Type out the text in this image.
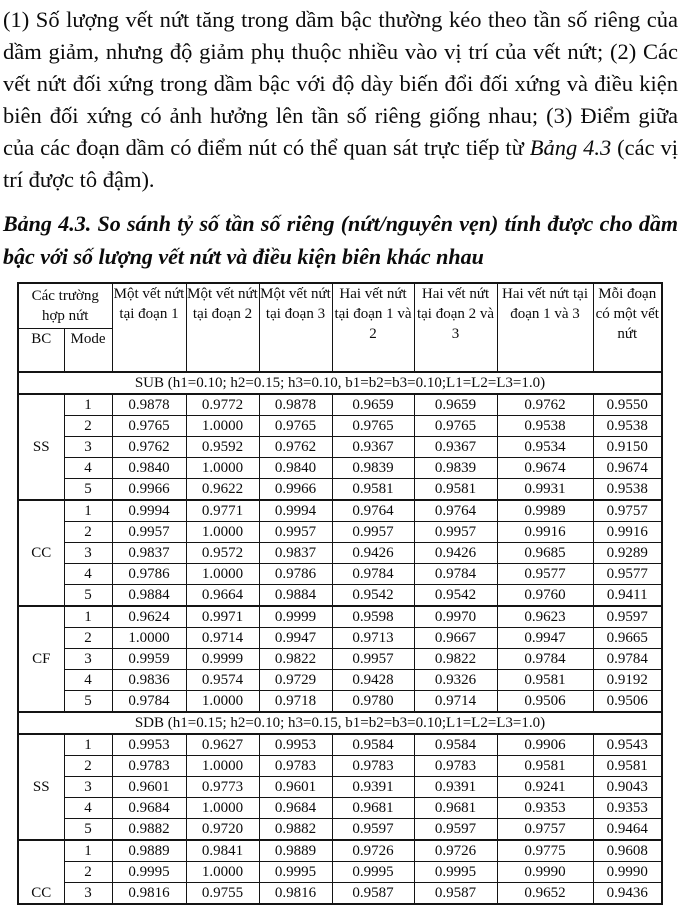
(1) Số lượng vết nứt tăng trong dầm bậc thường kéo theo tần số riêng của dầm giảm, nhưng độ giảm phụ thuộc nhiều vào vị trí của vết nứt; (2) Các vết nứt đối xứng trong dầm bậc với độ dày biến đổi đối xứng và điều kiện biên đối xứng có ảnh hưởng lên tần số riêng giống nhau; (3) Điểm giữa của các đoạn dầm có điểm nút có thể quan sát trực tiếp từ Bảng 4.3 (các vị trí được tô đậm).

Bảng 4.3. So sánh tỷ số tần số riêng (nứt/nguyên vẹn) tính được cho dầm bậc với số lượng vết nứt và điều kiện biên khác nhau

Các trường hợp nứt		Một vết nứt tại đoạn 1	Một vết nứt tại đoạn 2	Một vết nứt tại đoạn 3	Hai vết nứt tại đoạn 1 và 2	Hai vết nứt tại đoạn 2 và 3	Hai vết nứt tại đoạn 1 và 3	Mỗi đoạn có một vết nứt
BC	Mode							
SUB (h1=0.10; h2=0.15; h3=0.10, b1=b2=b3=0.10;L1=L2=L3=1.0)								
SS	1	0.9878	0.9772	0.9878	0.9659	0.9659	0.9762	0.9550
	2	0.9765	1.0000	0.9765	0.9765	0.9765	0.9538	0.9538
	3	0.9762	0.9592	0.9762	0.9367	0.9367	0.9534	0.9150
	4	0.9840	1.0000	0.9840	0.9839	0.9839	0.9674	0.9674
	5	0.9966	0.9622	0.9966	0.9581	0.9581	0.9931	0.9538
CC	1	0.9994	0.9771	0.9994	0.9764	0.9764	0.9989	0.9757
	2	0.9957	1.0000	0.9957	0.9957	0.9957	0.9916	0.9916
	3	0.9837	0.9572	0.9837	0.9426	0.9426	0.9685	0.9289
	4	0.9786	1.0000	0.9786	0.9784	0.9784	0.9577	0.9577
	5	0.9884	0.9664	0.9884	0.9542	0.9542	0.9760	0.9411
CF	1	0.9624	0.9971	0.9999	0.9598	0.9970	0.9623	0.9597
	2	1.0000	0.9714	0.9947	0.9713	0.9667	0.9947	0.9665
	3	0.9959	0.9999	0.9822	0.9957	0.9822	0.9784	0.9784
	4	0.9836	0.9574	0.9729	0.9428	0.9326	0.9581	0.9192
	5	0.9784	1.0000	0.9718	0.9780	0.9714	0.9506	0.9506
SDB (h1=0.15; h2=0.10; h3=0.15, b1=b2=b3=0.10;L1=L2=L3=1.0)								
SS	1	0.9953	0.9627	0.9953	0.9584	0.9584	0.9906	0.9543
	2	0.9783	1.0000	0.9783	0.9783	0.9783	0.9581	0.9581
	3	0.9601	0.9773	0.9601	0.9391	0.9391	0.9241	0.9043
	4	0.9684	1.0000	0.9684	0.9681	0.9681	0.9353	0.9353
	5	0.9882	0.9720	0.9882	0.9597	0.9597	0.9757	0.9464
CC	1	0.9889	0.9841	0.9889	0.9726	0.9726	0.9775	0.9608
	2	0.9995	1.0000	0.9995	0.9995	0.9995	0.9990	0.9990
	3	0.9816	0.9755	0.9816	0.9587	0.9587	0.9652	0.9436
